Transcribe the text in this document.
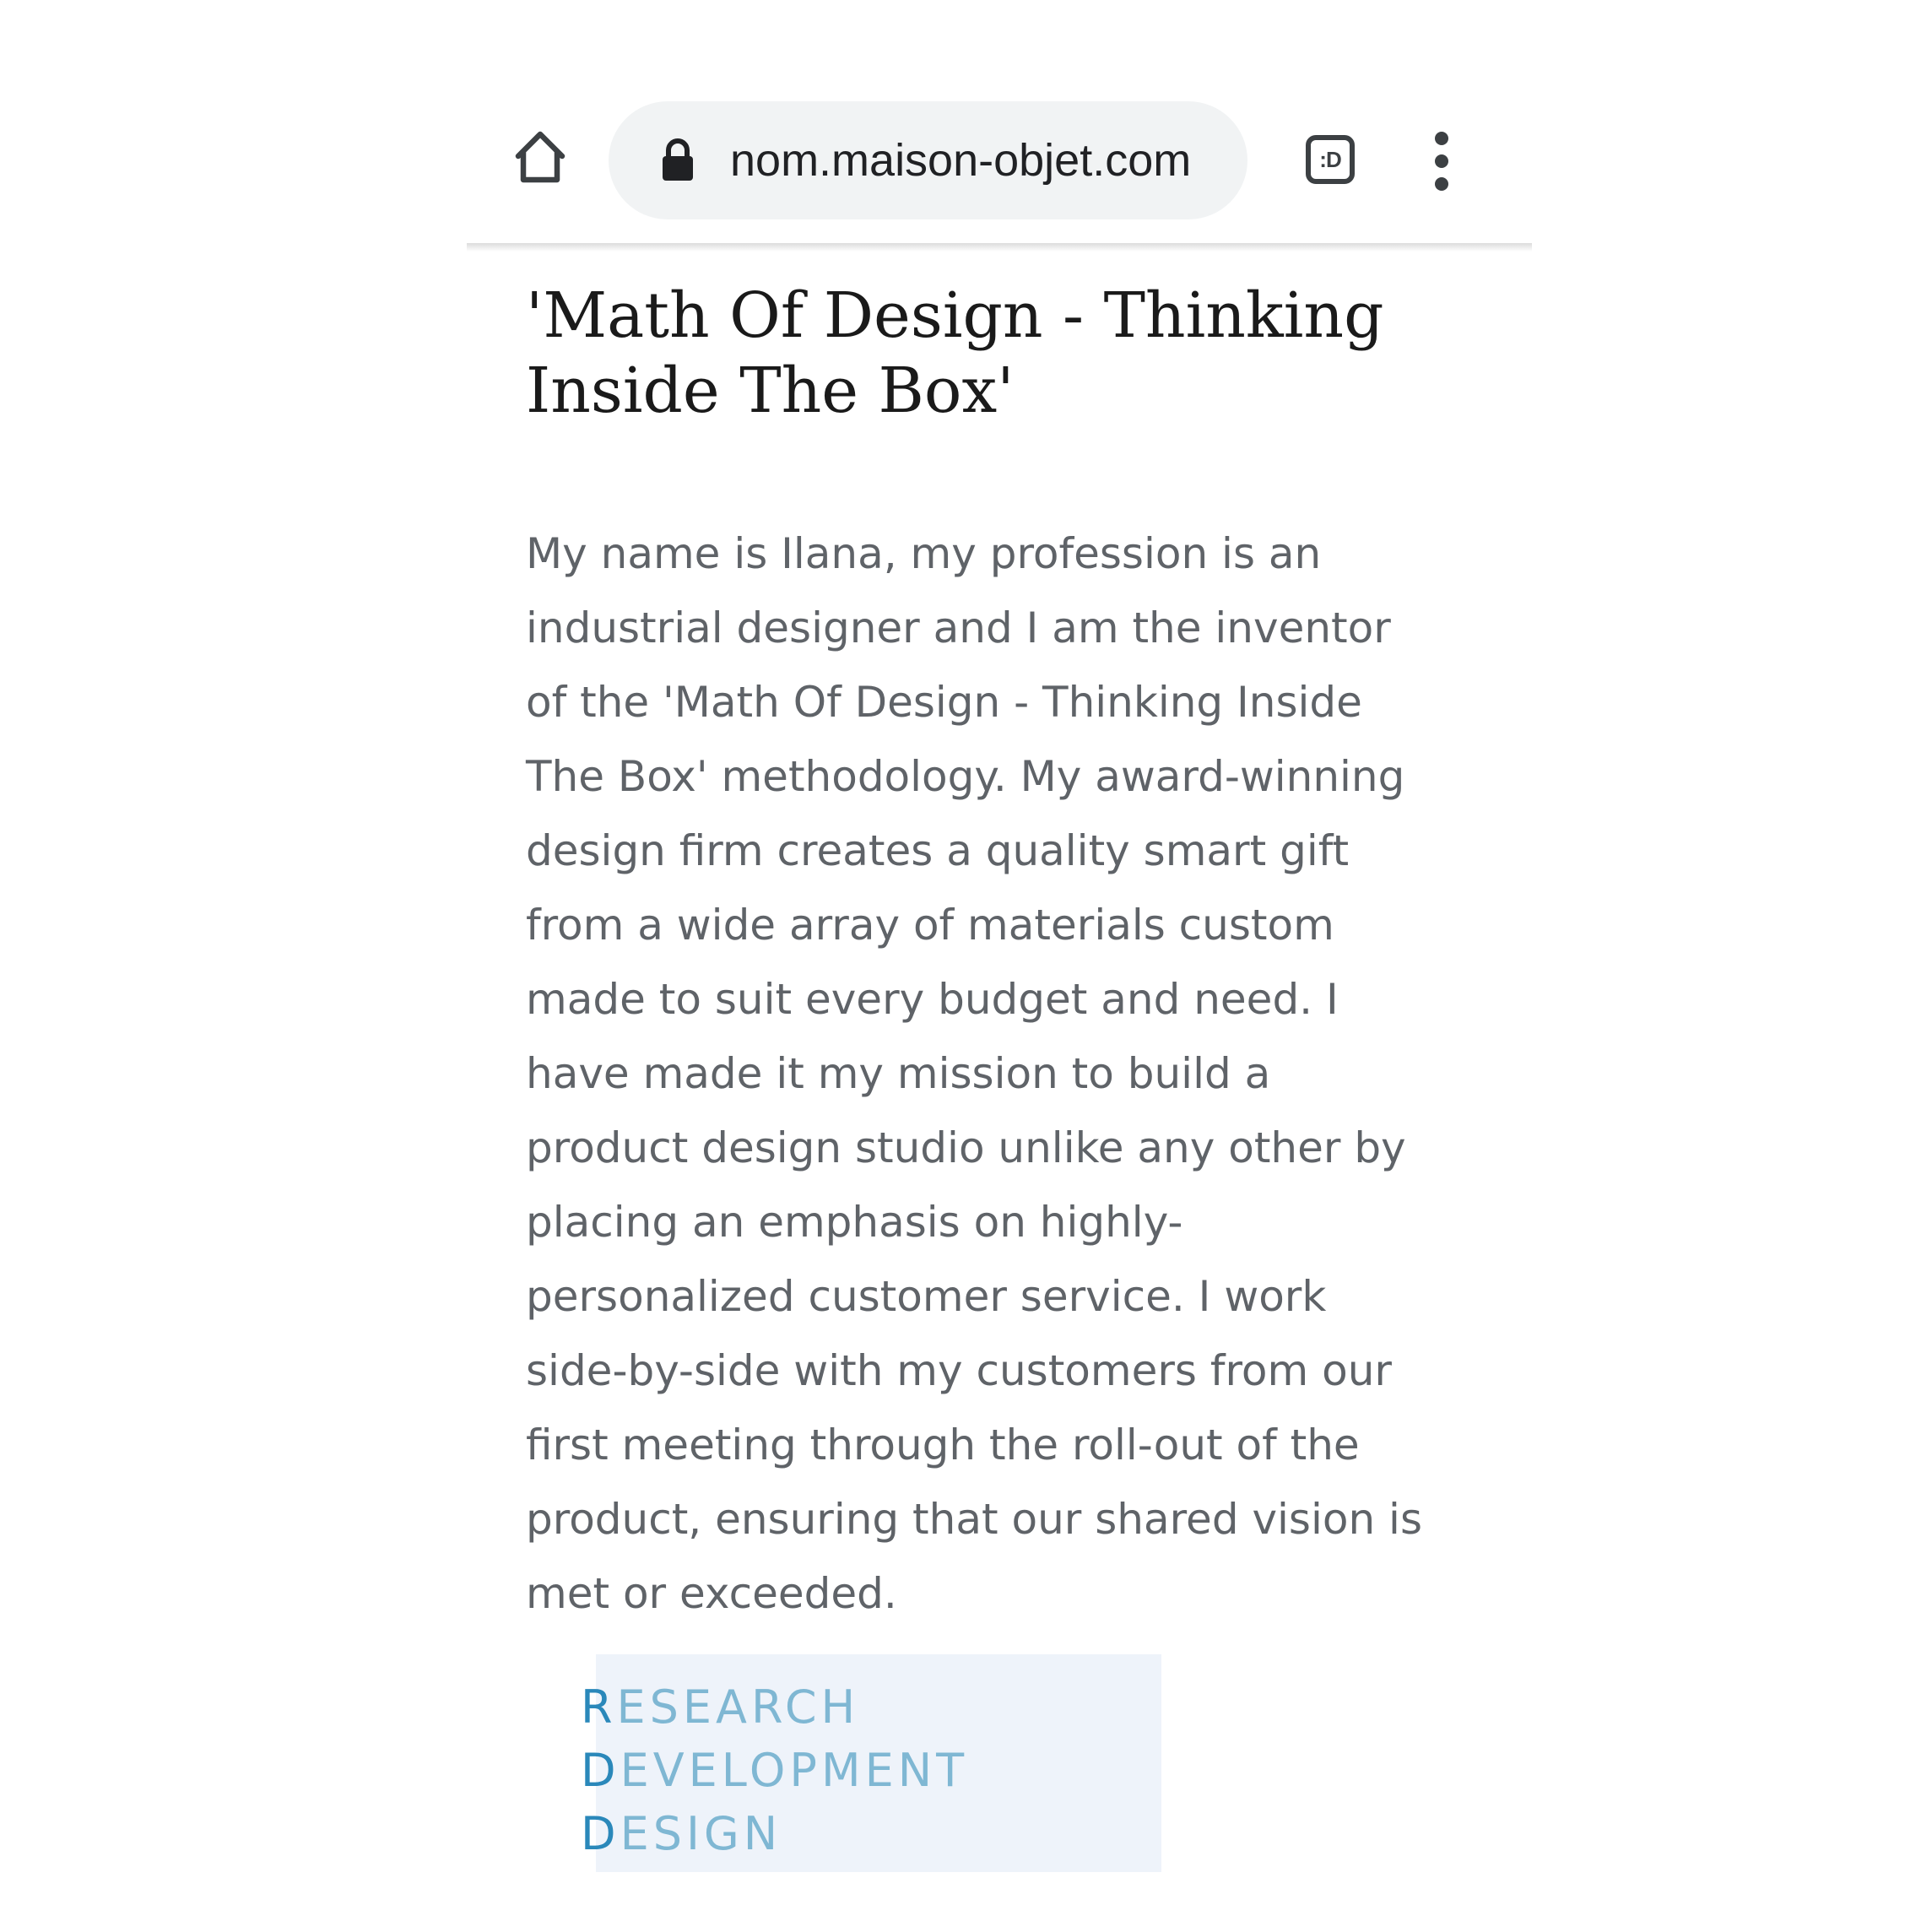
nom.maison-objet.com	:D
'Math Of Design - Thinking Inside The Box'

My name is Ilana, my profession is an industrial designer and I am the inventor of the 'Math Of Design - Thinking Inside The Box' methodology. My award-winning design firm creates a quality smart gift from a wide array of materials custom made to suit every budget and need. I have made it my mission to build a product design studio unlike any other by placing an emphasis on highly-personalized customer service. I work side-by-side with my customers from our first meeting through the roll-out of the product, ensuring that our shared vision is met or exceeded.

RESEARCH
DEVELOPMENT
DESIGN
